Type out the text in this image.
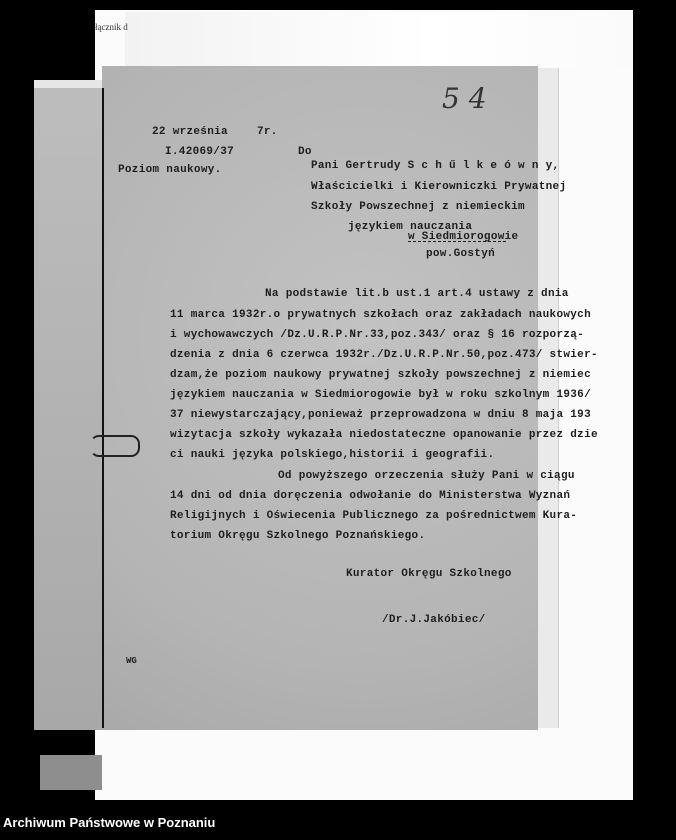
łącznik d
5 4
22 września	7r.
I.42069/37
Poziom naukowy.
Do
Pani Gertrudy S c h ű l k e ó w n y,
Właścicielki i Kierowniczki Prywatnej
Szkoły Powszechnej z niemieckim
językiem nauczania
w Siedmiorogowie
pow.Gostyń
Na podstawie lit.b ust.1 art.4 ustawy z dnia
11 marca 1932r.o prywatnych szkołach oraz zakładach naukowych
i wychowawczych /Dz.U.R.P.Nr.33,poz.343/ oraz § 16 rozporzą-
dzenia z dnia 6 czerwca 1932r./Dz.U.R.P.Nr.50,poz.473/ stwier-
dzam,że poziom naukowy prywatnej szkoły powszechnej z niemiec
językiem nauczania w Siedmiorogowie był w roku szkolnym 1936/
37 niewystarczający,ponieważ przeprowadzona w dniu 8 maja 193
wizytacja szkoły wykazała niedostateczne opanowanie przez dzie
ci nauki języka polskiego,historii i geografii.
Od powyższego orzeczenia służy Pani w ciągu
14 dni od dnia doręczenia odwołanie do Ministerstwa Wyznań
Religijnych i Oświecenia Publicznego za pośrednictwem Kura-
torium Okręgu Szkolnego Poznańskiego.
Kurator Okręgu Szkolnego
/Dr.J.Jakóbiec/
WG
Archiwum Państwowe w Poznaniu
